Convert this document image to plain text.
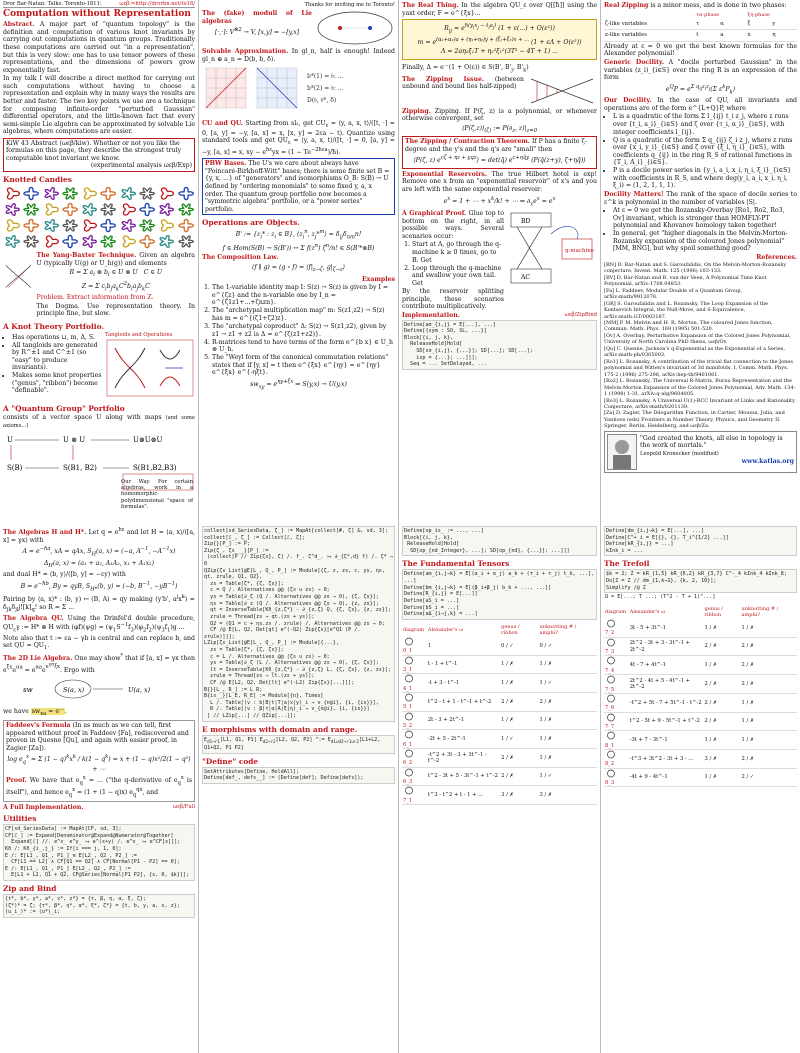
Dror Bar-Natan: Talks: Toronto-1811:	ωεβ:=http://drorbn.net/to18/
Computation without Representation

Abstract. A major part of "quantum topology" is the definition and computation of various knot invariants by carrying out computations in quantum groups. Traditionally these computations are carried out "in a representation", but this is very slow: one has to use tensor powers of these representations, and the dimensions of powers grow exponentially fast.

In my talk I will describe a direct method for carrying out such computations without having to choose a representation and explain why in many ways the results are better and faster. The two key points we use are a technique for composing infinite-order "perturbed Gaussian" differential operators, and the little-known fact that every semi-simple Lie algebra can be approximated by solvable Lie algebras, where computations are easier.

KiW 43 Abstract (ωεβ/kiw). Whether or not you like the formulas on this page, they describe the strongest truly computable knot invariant we know.
(experimental analysis ωεβ/Exp)
Knotted Candies

The Yang-Baxter Technique. Given an algebra U (typically U(g) or U_h(g)) and elements

R = Σ $a_i$ ⊗ $b_i$ ∈ U ⊗ U   C ∈ U
Z = Σ $c_ib_ja_kC^2b_ia_jb_kC$

Problem. Extract information from Z.

The Dogma. Use representation theory. In principle fine, but slow.

A Knot Theory Portfolio.
• Has operations ⊔, m, Δ, S.
• All tangloids are generated by R^±1 and C^±1 (so "easy" to produce invariants).
• Makes some knot properties ("genus", "ribbon") become "definable".
Tangloids and Operations
A "Quantum Group" Portfolio

consists of a vector space U along with maps (and some axioms...)

U	U ⊗ U	U⊗U⊗U
S(B)	S(B1, B2)	S(B1,B2,B3)

Our Way. For certain algebras, work in a homomorphic-polydimensional "space of formulas".

Thanks for inviting me to Toronto!

The (fake) moduli of Lie algebras

[·,·]: $V^{\otimes 2} \to V$, [x,y] = −[y,x]

Solvable Approximation. In gl_n, half is enough! Indeed gl_n ⊕ a_n = D(b, b, δ).

b*(1) = 𝔟: ...
b*(2) = 𝔟: ...
D(𝔟, 𝔟*, δ)

CU and QU. Starting from sl₂, get $CU_\varepsilon$ = ⟨y, a, x, t⟩/([t, ·] = 0, [a, y] = −y, [a, x] = x, [x, y] = 2εa − t). Quantize using standard tools and get $QU_\varepsilon$ = ⟨y, a, x, t⟩/([t, ·] = 0, [a, y] = −y, [a, x] = x, xy − $e^{ħ\varepsilon}yx = (1$ − $Te^{-2ħ\varepsilon a})/ħ$).

PBW Bases. The U's we care about always have "Poincaré-Birkhoff-Witt" bases; there is some finite set B = {y, x, ...} of "generators" and isomorphisms O_B: S(B) → U defined by "ordering monomials" to some fixed y, a, x order. The quantum group portfolio now becomes a "symmetric algebra" portfolio, or a "power series" portfolio.
Operations are Objects.
B' := {$z_i*$ : $z_i$ ∈ B}, $⟨z_i^n$, $z_j*^m⟩ = \delta_{ij}\delta_{nm}n$!
f ∈ Hom(S(B) → S(B')) ↔ Σ $f(z^n)$ $\zeta^n/n$! ∈ S(B'*⊗B)

The Composition Law.

(f ∥ g) = (g ∘ $f) = ⟨f|_{z\to\zeta}$, $g|_{\zeta\to z}⟩$
Examples
1. The 1-variable identity map I: S(z) → S(z) is given by I = e^{ζz} and the n-variable one by I_n = e^{ζ1z1+...+ζnzn}.
2. The "archetypal multiplication map" m: S(z1,z2) → S(z) has m = e^{(ζ1+ζ2)z}.
3. The "archetypal coproduct" Δ: S(z) → S(z1,z2), given by z1 → z1 + z2 is Δ = e^{ζ(z1+z2)}.
4. R-matrices tend to have terms of the form e^{b x} ∈ U_h ⊗ U_h.
5. The "Weyl form of the canonical commutation relations" states that if [y, x] = t then e^{ξx} e^{ηy} = e^{ηy} e^{ξx} e^{-ηξt}.
$sw_{xy} = e^{\eta y+\xi x}$ ⇒ S(y,x) → U(y,x)

The Real Thing. In the algebra QU_ε over Q[[ħ]] using the yaxt order, F = e^{ξx}...

$R_{ij} = e^{ħ(y_ix_j - t_ia_j)}$ (1 + ε(...) + O(ε²))
$m = e^{(\alpha_1+\alpha_2)a + (\eta_1+\eta_2)y + (\xi_1+\xi_2)x + ...}$ (1 + εΛ + O(ε²))
Λ = 2aη₂ξ₁T + η₂²ξ₁²(3T² − 4T + 1) ...

Finally, Δ = e...(1 + O(ε)) ∈ S(B', $B'_j$, $B'_k$)

The Zipping Issue. (between unbound and bound lies half-zipped)

Zipping. Zipping. If P(ζ, z) is a polynomial, or whenever otherwise convergent, set

$⟨P(\zeta,z)⟩_{(\zeta)}$ := $P(\partial_z$, $z)|_{z=0}$
The Zipping / Contraction Theorem. If P has a finite ζ-degree and the y's and the q's are "small" then
⟨P(ζ, z) $e^{c\zeta + \eta z + yqz}⟩$ = det(q̃) $e^{c+\eta q̃y}$ ⟨P(q̃(z+y), ζ+ηq̃)⟩

Exponential Reservoirs. The true Hilbert hotel is exp! Remove one x from an "exponential reservoir" of x's and you are left with the same exponential reservoir:

$e^x = 1$ + ⋯ + $x^k/k$! + ⋯ ⇒ $\partial_xe^x = e^x$

A Graphical Proof. Glue top to bottom on the right, in all possible ways. Several scenarios occur:

1. Start at A, go through the q-machine k ≥ 0 times, go to B. Get
2. Loop through the q-machine and swallow your own tail. Get

By the reservoir splitting principle, these scenarios contribute multiplicatively.

BD
AC
q-machine
Implementation.	ωεβ/ZipBind
Define[aσ_{i,j} = E[...], ...]
Define[{sym : SO, SL, ...}]
Block[{i, j, k},
ReleaseHold[Hold[
SD[sσ_{i,j}, {...}]; SD[...]; SD[...];
isp = {...}; ...]]];
Seq = ... SetDelayed, ...

Real Zipping is a minor mess, and is done in two phases:

	τα-phase		ξη-phase	
ζ-like variables	τ	α	ξ	y
z-like variables	t	a	x	η

Already at ε = 0 we get the best known formulas for the Alexander polynomial!

Generic Docility. A "docile perturbed Gaussian" in the variables (z_i)_{i∈S} over the ring R is an expression of the form

$e^QP = e^{\Sigma q_{ij}z_iz_j}(\Sigma$ $\varepsilon^kP_k$)

Our Docility. In the case of QU, all invariants and operations are of the form e^{L+Q}P, where

• L is a quadratic of the form Σ l_{ij} t_i z_j, where z runs over {t_i, a_i}_{i∈S} and ζ over {τ_i, α_i}_{i∈S}, with integer coefficients l_{ij}.
• Q is a quadratic of the form Σ q_{ij} ζ_i z_j, where z runs over {x_i, y_i}_{i∈S} and ζ over {ξ_i, η_i}_{i∈S}, with coefficients q_{ij} in the ring R_S of rational functions in {T_i, A_i}_{i∈S}.
• P is a docile power series in {y_i, a_i, x_i, η_i, ξ_i}_{i∈S} with coefficients in R_S, and where deg(y_i, a_i, x_i, η_i, ξ_i) = (1, 2, 1, 1, 1).

Docility Matters! The rank of the space of docile series to ε^k is polynomial in the number of variables |S|.

• At ε = 0 we get the Rozansky-Overbay [Ro1, Ro2, Ro3, Ov] invariant, which is stronger than HOMFLY-PT polynomial and Khovanov homology taken together!
• In general, get "higher diagonals in the Melvin-Morton-Rozansky expansion of the coloured Jones polynomial" [MM, BNG], but why spoil something good?
References.

[BN] D. Bar-Natan and S. Garoufalidis, On the Melvin-Morton-Rozansky conjecture, Invent. Math. 125 (1996) 103-133.

[BV] D. Bar-Natan and R. van der Veen, A Polynomial Time Knot Polynomial, arXiv:1708.04853.

[Fa] L. Faddeev, Modular Double of a Quantum Group, arXiv:math/9912078.

[GR] S. Garoufalidis and L. Rozansky, The Loop Expansion of the Kontsevich Integral, the Null-Move, and S-Equivalence, arXiv:math.GT/0003187.

[MM] P. M. Melvin and H. R. Morton, The coloured Jones function, Commun. Math. Phys. 169 (1995) 501-520.

[Ov] A. Overbay, Perturbative Expansion of the Colored Jones Polynomial, University of North Carolina PhD thesis, ωεβ/Ov.

[Qu] C. Quesne, Jackson's q-Exponential as the Exponential of a Series, arXiv:math-ph/0305003.

[Ro1] L. Rozansky, A contribution of the trivial flat connection to the Jones polynomial and Witten's invariant of 3d manifolds, I, Comm. Math. Phys. 175-2 (1996) 275-296, arXiv:hep-th/9401061.

[Ro2] L. Rozansky, The Universal R-Matrix, Burau Representation and the Melvin-Morton Expansion of the Colored Jones Polynomial, Adv. Math. 134-1 (1998) 1-31, arXiv:q-alg/9604005.

[Ro3] L. Rozansky, A Universal U(1)-RCC Invariant of Links and Rationality Conjecture, arXiv:math/0201139.

[Za] D. Zagier, The Dilogarithm Function, in Cartier, Moussa, Julia, and Vanhove (eds) Frontiers in Number Theory, Physics, and Geometry II. Springer, Berlin, Heidelberg, and ωεβ/Za.

"God created the knots, all else in topology is the work of mortals."

Leopold Kronecker (modified)

www.katlas.org

The Algebras H and H*. Let $q = e^{ħ\varepsilon}$ and let H = ⟨a, x⟩/([a, x] = γx) with

$A = e^{-ħa}$, xA = qAx, $S_H(a$, x) = (−a, $A^{-1}$, $-A^{-1}x$)
$\Delta_H(a$, x) = (a₁ + a₂, A₁A₂, x₁ + A₁x₂)

and dual H* = ⟨b, y⟩/([b, y] = −εy) with

$B = e^{-ħb}$, By = qyB, $S_{H*}(b$, y) = (−b, $B^{-1}$, $-yB^{-1}$)

Pairing by ⟨a, x⟩* : (b, y) ↦ (B, A) = qy making (y'b', $a^jx^k) = \delta_{jk}\delta_{jl}j![k]_q$! so R = Σ ...

The Algebra QU. Using the Drinfel'd double procedure, $QU_\varepsilon\gamma$ := H* ⊗ H with $(\varphi f)(\psi g) = (\psi_1S^{-1}f_3)(\varphi_2f_2)(\psi_3f_1)g$ ...

Note also that t := εa − γb is central and can replace b, and set QU = $QU_1$.

The 2D Lie Algebra. One may show* that if [a, x] = γx then $e^{\xi x}e^{\alpha a} = e^{\alpha a}e^{e^{\gamma\alpha}\xi x}$. Ergo with

sw	S(a, x)	U(a, x)

we have $sw_{xa} = e^{...}$.

Faddeev's Formula (In as much as we can tell, first appeared without proof in Faddeev [Fa], rediscovered and proven in Quesne [Qu], and again with easier proof, in Zagier [Za]).
$\log e_q^x = \Sigma$ $(1 - q)^kx^k / k(1 - q^k) = x + (1 - q)x^2/2(1 - q^2)$ + ⋯

Proof. We have that $e_q^x$ = ... ("the q-derivative of $e_q^x$ is itself"), and hence $e_q^x = (1 + (1 - q)x)$ $e_q^{qx}$, and

A Full Implementation.	ωεβ/Full
Utilities
CF[sd_SeriesData] := MapAt[CF, sd, 3];
CF[ℰ_] := Expand[Denominator@Expand@Numerator@Together[
Expand[ℰ] //. e^x_ e^y_ ⧴ e^(x+y) /. e^x_ ⧴ e^CF[x]]];
Kδ /: Kδ_{i_,j_} := If[i === j, 1, 0];
E /: E[L1_, Q1_, P1_] ≡ E[L2_, Q2_, P2_] :=
CF[L1 == L2] ∧ CF[Q1 == Q2] ∧ CF[Normal[P1 - P2] == 0];
E /: E[L1_, Q1_, P1_] E[L2_, Q2_, P2_] :=
E[L1 + L2, Q1 + Q2, CF@Series[Normal[P1 P2], {ε, 0, $k}]];
Zip and Bind
{t*, b*, y*, a*, x*, z*} = {τ, β, η, α, ξ, ζ};
(ζ*)* = ζ; {τ*, β*, η*, α*, ξ*, ζ*} = {t, b, y, a, x, z};
(u_i_)* := (u*)_i;
collect[sd_SeriesData, ζ_] := MapAt[collect[#, ζ] &, sd, 3];
collect[ℰ_, ζ_] := Collect[ℰ, ζ];
Zip{}[P_] := P;
Zip{ζ_, ζs___}[P_] :=
(collect[P // Zip{ζs}, ζ] /. f_. ζ^d_. ⧴ ∂_{ζ*,d} f) /. ζ* → 0
QZip{ζs_List}@E[L_, Q_, P_] := Module[{ζ, z, zs, c, ys, ηs, qt, zrule, Q1, Q2},
zs = Table[ζ*, {ζ, ζs}];
c = Q /. Alternatives @@ (ζs ∪ zs) → 0;
ys = Table[∂_ζ (Q /. Alternatives @@ zs → 0), {ζ, ζs}];
ηs = Table[∂_z (Q /. Alternatives @@ ζs → 0), {z, zs}];
qt = InverseTable[Kδ_{z,ζ*} - ∂_{z,ζ} Q, {ζ, ζs}, {z, zs}];
zrule = Thread[zs → qt.(zs + ys)];
Q2 = (Q1 = c + ηs.zs /. zrule) /. Alternatives @@ zs → 0;
CF /@ E[L, Q2, Det[qt] e^(-Q2) Zip{ζs}[e^Q1 (P /. zrule)]]];
LZip[ζs_List]@E[L_, Q_, P_] := Module[{...},
zs = Table[ζ*, {ζ, ζs}];
c = L /. Alternatives @@ (ζs ∪ zs) → 0;
ys = Table[∂_ζ (L /. Alternatives @@ zs → 0), {ζ, ζs}];
lt = InverseTable[Kδ_{z,ζ*} - ∂_{z,ζ} L, {ζ, ζs}, {z, zs}];
zrule = Thread[zs → lt.(zs + ys)];
CF /@ E[L2, Q2, Det[lt] e^(-L2) Zip{ζs}[...]]];
B{}[L_, R_] := L R;
B{is__}[L_E, R_E] := Module[{n}, Times[
L /. Table[(v : b|B|t|T|a|x|y)_i → v_{n@i}, {i, {is}}],
R /. Table[(v : β|τ|α|A|ξ|η)_i → v_{n@i}, {i, {is}}]
] // LZip[...] // QZip[...]];
E morphisms with domain and range.
$E_{d1\to r1}[L1$, Q1, P1] $E_{d2\to r2}[L2$, Q2, P2] ^:= $E_{d1\cup d2\to r1\cup r2}[L1+L2$, Q1+Q2, P1 P2]
"Define" code
SetAttributes[Define, HoldAll];
Define[def_, defs__] := (Define[def]; Define[defs]);
Define[op_is_ := ..., ...]
Block[{i, j, k},
ReleaseHold[Hold[
SD[op_{nd_Integer}, ...]; SD[op_{nd}, {...}]; ...]]]
The Fundamental Tensors
Define[am_{i,j→k} = E[(α_i + α_j) a_k + (τ_i + τ_j) t_k, ...], ...]
Define[bm_{i,j→k} = E[(β_i+β_j) b_k + ..., ...]]
Define[R_{i,j} = E[...]]
Define[aS_i = ...]
Define[bS_i = ...]
Define[aΔ_{i→j,k} = ...]
diagram	Alexander's ω	genus / ribbon	unknotting # / amphi?
0_1	1	0 / ✓	0 / ✓
3_1	t - 1 + t^-1	1 / ✗	1 / ✗
4_1	-t + 3 - t^-1	1 / ✗	1 / ✓
5_1	t^2 - t + 1 - t^-1 + t^-2	2 / ✗	2 / ✗
5_2	2t - 3 + 2t^-1	1 / ✗	1 / ✗
6_1	-2t + 5 - 2t^-1	1 / ✓	1 / ✗
6_2	-t^2 + 3t - 3 + 3t^-1 - t^-2	2 / ✗	1 / ✗
6_3	t^2 - 3t + 5 - 3t^-1 + t^-2	2 / ✗	1 / ✓
7_1	t^3 - t^2 + t - 1 + ...	3 / ✗	3 / ✗
Define[dm_{i,j→k} = E[...], ...]
Define[C^+_i = E[{}, {}, T_i^{1/2} ...]]
Define[kR_{i,j} = ...]
kInk_i = ...
The Trefoil
$k = 2; Z = kR_{1,5} kR_{6,2} kR_{3,7} C^-_4 kInk_4 kInk_8;
Do[Z = Z // dm_{1,k→1}, {k, 2, 10}];
Simplify /@ Z
Ω = E[...; T ...; (T^2 - T + 1)^...]
diagram	Alexander's ω	genus / ribbon	unknotting # / amphi?
7_2	3t - 5 + 3t^-1	1 / ✗	1 / ✗
7_3	2t^2 - 3t + 3 - 3t^-1 + 2t^-2	2 / ✗	2 / ✗
7_4	4t - 7 + 4t^-1	1 / ✗	2 / ✗
7_5	2t^2 - 4t + 5 - 4t^-1 + 2t^-2	2 / ✗	2 / ✗
7_6	-t^2 + 5t - 7 + 5t^-1 - t^-2	2 / ✗	1 / ✗
7_7	t^2 - 5t + 9 - 5t^-1 + t^-2	2 / ✗	1 / ✗
8_1	-3t + 7 - 3t^-1	1 / ✗	1 / ✗
8_2	-t^3 + 3t^2 - 3t + 3 - ...	3 / ✗	2 / ✗
8_3	-4t + 9 - 4t^-1	1 / ✗	2 / ✓
